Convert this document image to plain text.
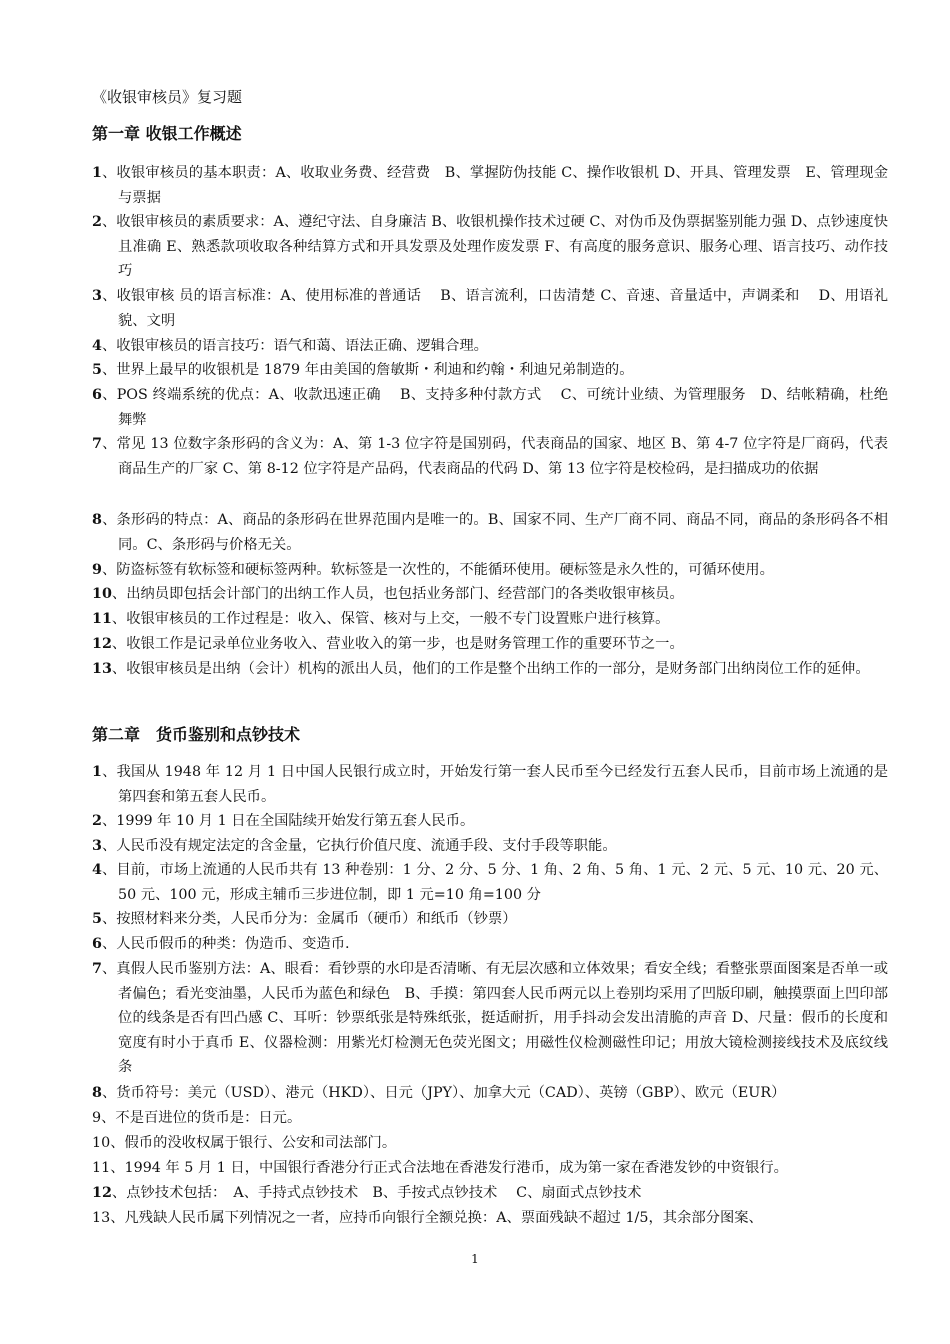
《收银审核员》复习题
第一章 收银工作概述
1、收银审核员的基本职责：A、收取业务费、经营费　B、掌握防伪技能 C、操作收银机 D、开具、管理发票　E、管理现金与票据
2、收银审核员的素质要求：A、遵纪守法、自身廉洁 B、收银机操作技术过硬 C、对伪币及伪票据鉴别能力强 D、点钞速度快且准确 E、熟悉款项收取各种结算方式和开具发票及处理作废发票 F、有高度的服务意识、服务心理、语言技巧、动作技巧
3、收银审核 员的语言标准：A、使用标准的普通话　 B、语言流利，口齿清楚 C、音速、音量适中，声调柔和　 D、用语礼貌、文明
4、收银审核员的语言技巧：语气和蔼、语法正确、逻辑合理。
5、世界上最早的收银机是 1879 年由美国的詹敏斯・利迪和约翰・利迪兄弟制造的。
6、POS 终端系统的优点：A、收款迅速正确　 B、支持多种付款方式　 C、可统计业绩、为管理服务　D、结帐精确，杜绝舞弊
7、常见 13 位数字条形码的含义为：A、第 1-3 位字符是国别码，代表商品的国家、地区 B、第 4-7 位字符是厂商码，代表商品生产的厂家 C、第 8-12 位字符是产品码，代表商品的代码 D、第 13 位字符是校检码，是扫描成功的依据
8、条形码的特点：A、商品的条形码在世界范围内是唯一的。B、国家不同、生产厂商不同、商品不同，商品的条形码各不相同。C、条形码与价格无关。
9、防盗标签有软标签和硬标签两种。软标签是一次性的，不能循环使用。硬标签是永久性的，可循环使用。
10、出纳员即包括会计部门的出纳工作人员，也包括业务部门、经营部门的各类收银审核员。
11、收银审核员的工作过程是：收入、保管、核对与上交，一般不专门设置账户进行核算。
12、收银工作是记录单位业务收入、营业收入的第一步，也是财务管理工作的重要环节之一。
13、收银审核员是出纳（会计）机构的派出人员，他们的工作是整个出纳工作的一部分，是财务部门出纳岗位工作的延伸。
第二章　货币鉴别和点钞技术
1、我国从 1948 年 12 月 1 日中国人民银行成立时，开始发行第一套人民币至今已经发行五套人民币，目前市场上流通的是第四套和第五套人民币。
2、1999 年 10 月 1 日在全国陆续开始发行第五套人民币。
3、人民币没有规定法定的含金量，它执行价值尺度、流通手段、支付手段等职能。
4、目前，市场上流通的人民币共有 13 种卷别：1 分、2 分、5 分、1 角、2 角、5 角、1 元、2 元、5 元、10 元、20 元、50 元、100 元，形成主辅币三步进位制，即 1 元=10 角=100 分
5、按照材料来分类，人民币分为：金属币（硬币）和纸币（钞票）
6、人民币假币的种类：伪造币、变造币.
7、真假人民币鉴别方法：A、眼看：看钞票的水印是否清晰、有无层次感和立体效果；看安全线；看整张票面图案是否单一或者偏色；看光变油墨，人民币为蓝色和绿色　B、手摸：第四套人民币两元以上卷别均采用了凹版印刷，触摸票面上凹印部位的线条是否有凹凸感 C、耳听：钞票纸张是特殊纸张，挺适耐折，用手抖动会发出清脆的声音 D、尺量：假币的长度和宽度有时小于真币 E、仪器检测：用紫光灯检测无色荧光图文；用磁性仪检测磁性印记；用放大镜检测接线技术及底纹线条
8、货币符号：美元（USD）、港元（HKD）、日元（JPY）、加拿大元（CAD）、英镑（GBP）、欧元（EUR）
9、不是百进位的货币是：日元。
10、假币的没收权属于银行、公安和司法部门。
11、1994 年 5 月 1 日，中国银行香港分行正式合法地在香港发行港币，成为第一家在香港发钞的中资银行。
12、点钞技术包括：　A、手持式点钞技术　B、手按式点钞技术　 C、扇面式点钞技术
13、凡残缺人民币属下列情况之一者，应持币向银行全额兑换：A、票面残缺不超过 1/5，其余部分图案、
1
